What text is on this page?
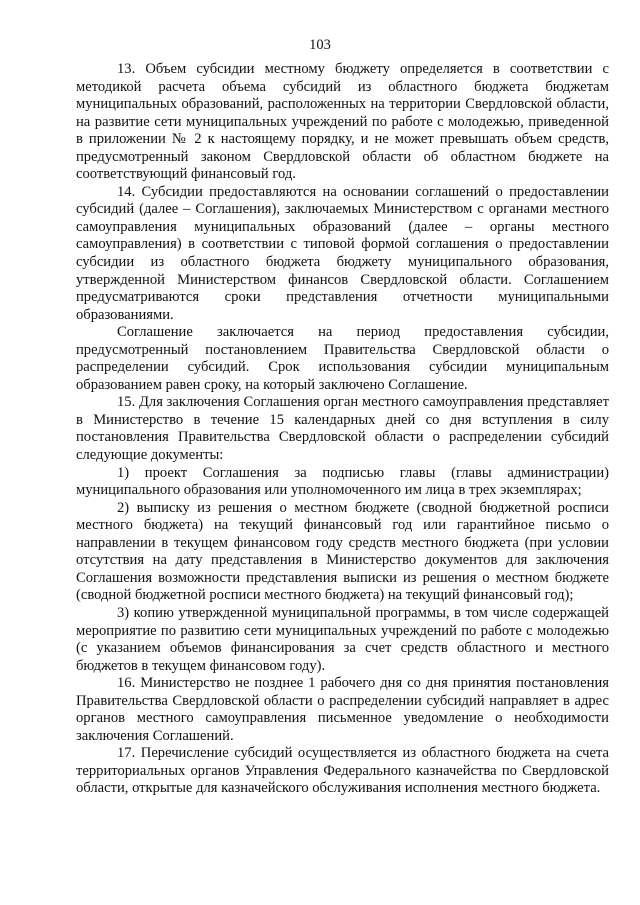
103

13. Объем субсидии местному бюджету определяется в соответствии с методикой расчета объема субсидий из областного бюджета бюджетам муниципальных образований, расположенных на территории Свердловской области, на развитие сети муниципальных учреждений по работе с молодежью, приведенной в приложении № 2 к настоящему порядку, и не может превышать объем средств, предусмотренный законом Свердловской области об областном бюджете на соответствующий финансовый год.

14. Субсидии предоставляются на основании соглашений о предоставлении субсидий (далее – Соглашения), заключаемых Министерством с органами местного самоуправления муниципальных образований (далее – органы местного самоуправления) в соответствии с типовой формой соглашения о предоставлении субсидии из областного бюджета бюджету муниципального образования, утвержденной Министерством финансов Свердловской области. Соглашением предусматриваются сроки представления отчетности муниципальными образованиями.

Соглашение заключается на период предоставления субсидии, предусмотренный постановлением Правительства Свердловской области о распределении субсидий. Срок использования субсидии муниципальным образованием равен сроку, на который заключено Соглашение.

15. Для заключения Соглашения орган местного самоуправления представляет в Министерство в течение 15 календарных дней со дня вступления в силу постановления Правительства Свердловской области о распределении субсидий следующие документы:

1) проект Соглашения за подписью главы (главы администрации) муниципального образования или уполномоченного им лица в трех экземплярах;

2) выписку из решения о местном бюджете (сводной бюджетной росписи местного бюджета) на текущий финансовый год или гарантийное письмо о направлении в текущем финансовом году средств местного бюджета (при условии отсутствия на дату представления в Министерство документов для заключения Соглашения возможности представления выписки из решения о местном бюджете (сводной бюджетной росписи местного бюджета) на текущий финансовый год);

3) копию утвержденной муниципальной программы, в том числе содержащей мероприятие по развитию сети муниципальных учреждений по работе с молодежью (с указанием объемов финансирования за счет средств областного и местного бюджетов в текущем финансовом году).

16. Министерство не позднее 1 рабочего дня со дня принятия постановления Правительства Свердловской области о распределении субсидий направляет в адрес органов местного самоуправления письменное уведомление о необходимости заключения Соглашений.

17. Перечисление субсидий осуществляется из областного бюджета на счета территориальных органов Управления Федерального казначейства по Свердловской области, открытые для казначейского обслуживания исполнения местного бюджета.
